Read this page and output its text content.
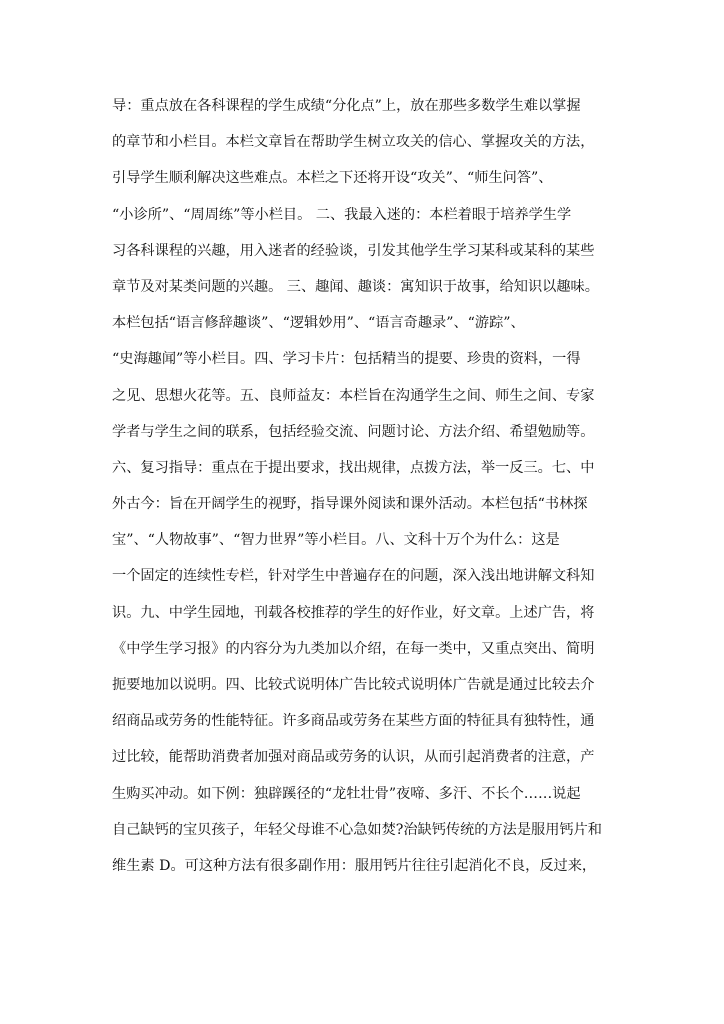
导：重点放在各科课程的学生成绩“分化点”上，放在那些多数学生难以掌握
的章节和小栏目。本栏文章旨在帮助学生树立攻关的信心、掌握攻关的方法，
引导学生顺利解决这些难点。本栏之下还将开设“攻关”、“师生问答”、
“小诊所”、“周周练”等小栏目。 二、我最入迷的：本栏着眼于培养学生学
习各科课程的兴趣，用入迷者的经验谈，引发其他学生学习某科或某科的某些
章节及对某类问题的兴趣。 三、趣闻、趣谈：寓知识于故事，给知识以趣味。
本栏包括“语言修辞趣谈”、“逻辑妙用”、“语言奇趣录”、“游踪”、
“史海趣闻”等小栏目。四、学习卡片：包括精当的提要、珍贵的资料，一得
之见、思想火花等。五、良师益友：本栏旨在沟通学生之间、师生之间、专家
学者与学生之间的联系，包括经验交流、问题讨论、方法介绍、希望勉励等。
六、复习指导：重点在于提出要求，找出规律，点拨方法，举一反三。七、中
外古今：旨在开阔学生的视野，指导课外阅读和课外活动。本栏包括“书林探
宝”、“人物故事”、“智力世界”等小栏目。八、文科十万个为什么：这是
一个固定的连续性专栏，针对学生中普遍存在的问题，深入浅出地讲解文科知
识。九、中学生园地，刊载各校推荐的学生的好作业，好文章。上述广告，将
《中学生学习报》的内容分为九类加以介绍，在每一类中，又重点突出、简明
扼要地加以说明。四、比较式说明体广告比较式说明体广告就是通过比较去介
绍商品或劳务的性能特征。许多商品或劳务在某些方面的特征具有独特性，通
过比较，能帮助消费者加强对商品或劳务的认识，从而引起消费者的注意，产
生购买冲动。如下例：独辟蹊径的“龙牡壮骨”夜啼、多汗、不长个……说起
自己缺钙的宝贝孩子，年轻父母谁不心急如焚?治缺钙传统的方法是服用钙片和
维生素 D。可这种方法有很多副作用：服用钙片往往引起消化不良，反过来，
